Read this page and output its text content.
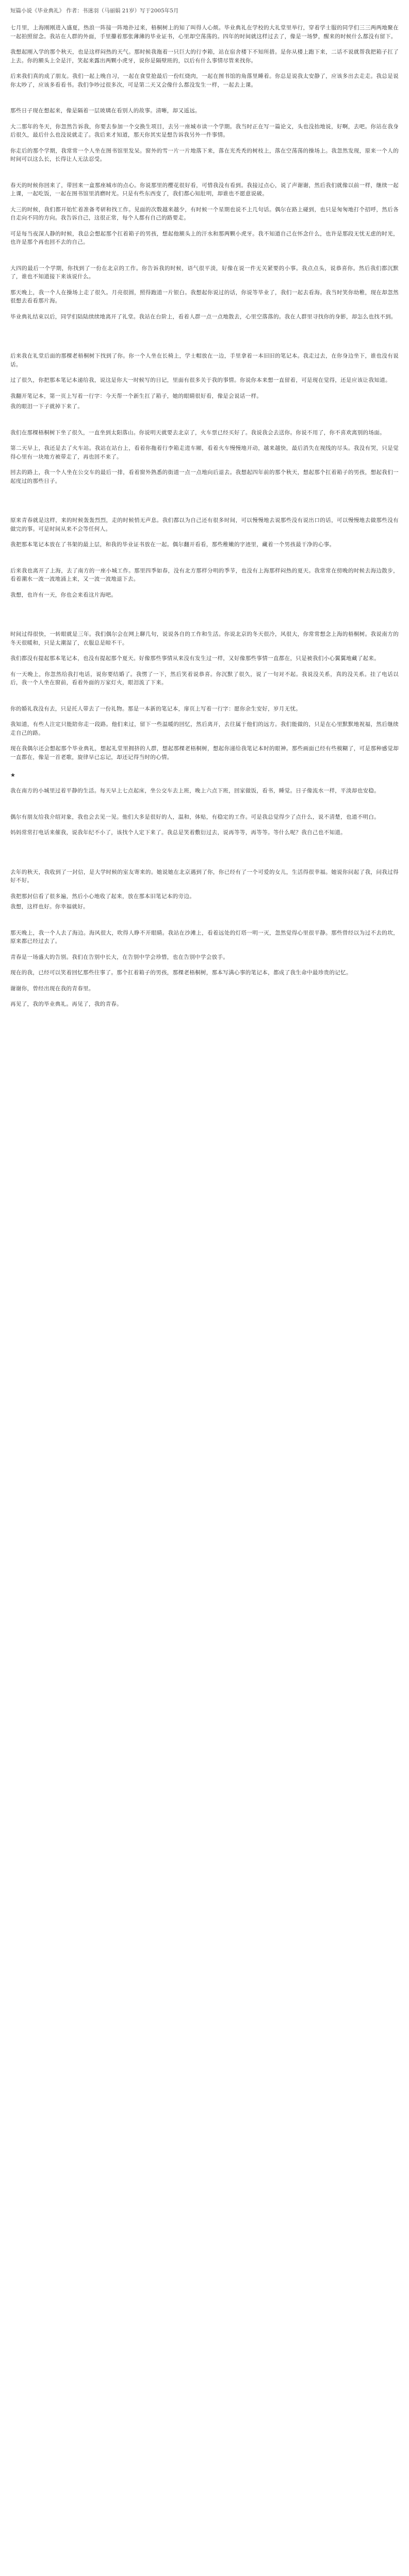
短篇小说《毕业典礼》 作者：书迷羽（马丽娟 21岁）写于2005年5月

七月里，上海刚刚进入盛夏，热浪一阵接一阵地扑过来，梧桐树上的知了叫得人心烦。毕业典礼在学校的大礼堂里举行，穿着学士服的同学们三三两两地聚在一起拍照留念。我站在人群的外面，手里攥着那张薄薄的毕业证书，心里却空荡荡的。四年的时间就这样过去了，像是一场梦，醒来的时候什么都没有留下。

我想起刚入学的那个秋天，也是这样闷热的天气。那时候我拖着一只巨大的行李箱，站在宿舍楼下不知所措。是你从楼上跑下来，二话不说就帮我把箱子扛了上去。你的额头上全是汗，笑起来露出两颗小虎牙，说你是隔壁班的，以后有什么事情尽管来找你。

后来我们真的成了朋友。我们一起上晚自习，一起在食堂抢最后一份红烧肉，一起在图书馆的角落里睡着。你总是说我太安静了，应该多出去走走。我总是说你太吵了，应该多看看书。我们争吵过很多次，可是第二天又会像什么都没发生一样，一起去上课。

那些日子现在想起来，像是隔着一层玻璃在看别人的故事。清晰，却又遥远。

大二那年的冬天，你忽然告诉我，你要去参加一个交换生项目，去另一座城市读一个学期。我当时正在写一篇论文，头也没抬地说，好啊，去吧。你站在我身后很久，最后什么也没说就走了。我后来才知道，那天你其实是想告诉我另外一件事情。

你走后的那个学期，我常常一个人坐在图书馆里发呆。窗外的雪一片一片地落下来，落在光秃秃的树枝上，落在空荡荡的操场上。我忽然发现，原来一个人的时间可以这么长，长得让人无法忍受。

春天的时候你回来了，带回来一盒那座城市的点心。你说那里的樱花很好看，可惜我没有看到。我接过点心，说了声谢谢，然后我们就像以前一样，继续一起上课，一起吃饭，一起在图书馆里消磨时光。只是有些东西变了，我们都心知肚明，却谁也不愿意说破。

大三的时候，我们都开始忙着准备考研和找工作。见面的次数越来越少，有时候一个星期也说不上几句话。偶尔在路上碰到，也只是匆匆地打个招呼，然后各自走向不同的方向。我告诉自己，这很正常，每个人都有自己的路要走。

可是每当夜深人静的时候，我总会想起那个扛着箱子的男孩，想起他额头上的汗水和那两颗小虎牙。我不知道自己在怀念什么，也许是那段无忧无虑的时光，也许是那个再也回不去的自己。

大四的最后一个学期，你找到了一份在北京的工作。你告诉我的时候，语气很平淡，好像在说一件无关紧要的小事。我点点头，说恭喜你。然后我们都沉默了，谁也不知道接下来该说什么。

那天晚上，我一个人在操场上走了很久。月亮很圆，照得跑道一片银白。我想起你说过的话，你说等毕业了，我们一起去看海。我当时笑你幼稚，现在却忽然很想去看看那片海。

毕业典礼结束以后，同学们陆陆续续地离开了礼堂。我站在台阶上，看着人群一点一点地散去，心里空落落的。我在人群里寻找你的身影，却怎么也找不到。

后来我在礼堂后面的那棵老梧桐树下找到了你。你一个人坐在长椅上，学士帽放在一边，手里拿着一本旧旧的笔记本。我走过去，在你身边坐下，谁也没有说话。

过了很久，你把那本笔记本递给我，说这是你大一时候写的日记，里面有很多关于我的事情。你说你本来想一直留着，可是现在觉得，还是应该让我知道。

我翻开笔记本，第一页上写着一行字：今天帮一个新生扛了箱子，她的眼睛很好看，像是会说话一样。

我的眼泪一下子就掉下来了。

我们在那棵梧桐树下坐了很久，一直坐到太阳落山。你说明天就要去北京了，火车票已经买好了。我说我会去送你。你说不用了，你不喜欢离别的场面。

第二天早上，我还是去了火车站。我站在站台上，看着你拖着行李箱走进车厢，看着火车慢慢地开动，越来越快，最后消失在视线的尽头。我没有哭，只是觉得心里有一块地方被带走了，再也回不来了。

回去的路上，我一个人坐在公交车的最后一排，看着窗外熟悉的街道一点一点地向后退去。我想起四年前的那个秋天，想起那个扛着箱子的男孩，想起我们一起度过的那些日子。

原来青春就是这样，来的时候轰轰烈烈，走的时候悄无声息。我们都以为自己还有很多时间，可以慢慢地去说那些没有说出口的话，可以慢慢地去做那些没有做完的事。可是时间从来不会等任何人。

我把那本笔记本放在了书架的最上层，和我的毕业证书放在一起。偶尔翻开看看，那些稚嫩的字迹里，藏着一个男孩最干净的心事。

后来我也离开了上海，去了南方的一座小城工作。那里四季如春，没有北方那样分明的季节，也没有上海那样闷热的夏天。我常常在傍晚的时候去海边散步，看着潮水一波一波地涌上来，又一波一波地退下去。

我想，也许有一天，你也会来看这片海吧。

时间过得很快，一转眼就是三年。我们偶尔会在网上聊几句，说说各自的工作和生活。你说北京的冬天很冷，风很大，你常常想念上海的梧桐树。我说南方的冬天很暖和，只是太潮湿了，衣服总是晾不干。

我们都没有提起那本笔记本，也没有提起那个夏天。好像那些事情从来没有发生过一样，又好像那些事情一直都在，只是被我们小心翼翼地藏了起来。

有一天晚上，你忽然给我打电话，说你要结婚了。我愣了一下，然后笑着说恭喜。你沉默了很久，说了一句对不起。我说没关系，真的没关系。挂了电话以后，我一个人坐在窗前，看着外面的万家灯火，眼泪流了下来。

你的婚礼我没有去，只是托人带去了一份礼物。那是一本新的笔记本，扉页上写着一行字：愿你余生安好，岁月无忧。

我知道，有些人注定只能陪你走一段路。他们来过，留下一些温暖的回忆，然后离开，去往属于他们的远方。我们能做的，只是在心里默默地祝福，然后继续走自己的路。

现在我偶尔还会想起那个毕业典礼，想起礼堂里拥挤的人群，想起那棵老梧桐树，想起你递给我笔记本时的眼神。那些画面已经有些模糊了，可是那种感觉却一直都在，像是一首老歌，旋律早已忘记，却还记得当时的心情。

★

我在南方的小城里过着平静的生活。每天早上七点起床，坐公交车去上班，晚上六点下班，回家做饭，看书，睡觉。日子像流水一样，平淡却也安稳。

偶尔有朋友给我介绍对象，我也会去见一见。他们大多是很好的人，温和，体贴，有稳定的工作。可是我总觉得少了点什么，说不清楚，也道不明白。

妈妈常常打电话来催我，说我年纪不小了，该找个人定下来了。我总是笑着敷衍过去，说再等等，再等等。等什么呢？我自己也不知道。

去年的秋天，我收到了一封信，是大学时候的室友寄来的。她说她在北京遇到了你，你已经有了一个可爱的女儿，生活得很幸福。她说你问起了我，问我过得好不好。

我把那封信看了很多遍，然后小心地收了起来，放在那本旧笔记本的旁边。

我想，这样也好。你幸福就好。

那天晚上，我一个人去了海边。海风很大，吹得人睁不开眼睛。我站在沙滩上，看着远处的灯塔一明一灭，忽然觉得心里很平静。那些曾经以为过不去的坎，原来都已经过去了。

青春是一场盛大的告别。我们在告别中长大，在告别中学会珍惜，也在告别中学会放手。

现在的我，已经可以笑着回忆那些往事了。那个扛着箱子的男孩，那棵老梧桐树，那本写满心事的笔记本，都成了我生命中最珍贵的记忆。

谢谢你，曾经出现在我的青春里。

再见了，我的毕业典礼。再见了，我的青春。
